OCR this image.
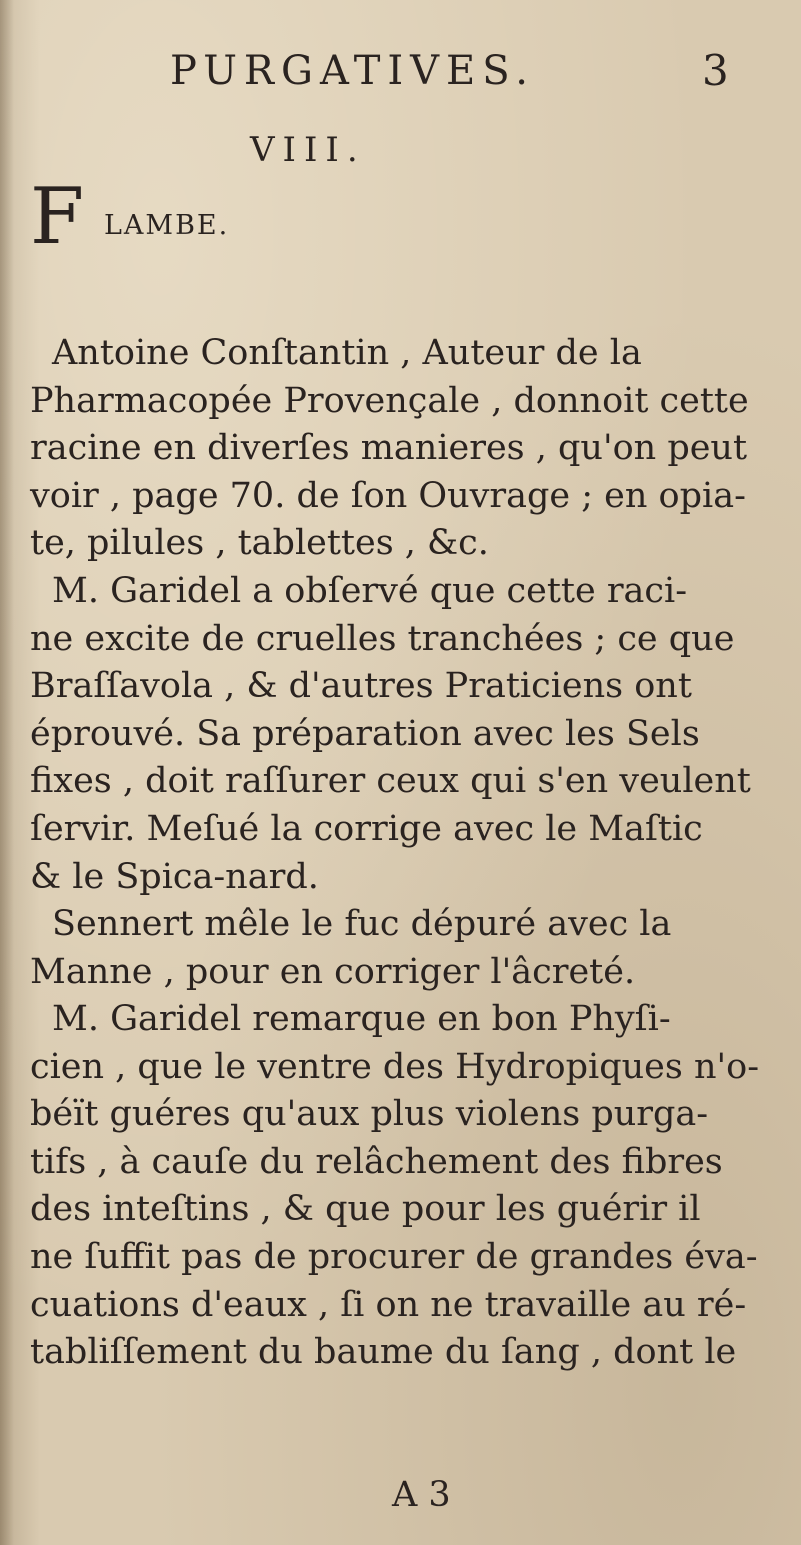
PURGATIVES.	3
VIII.
F LAMBE.
Antoine Conſtantin , Auteur de la
Pharmacopée Provençale , donnoit cette
racine en diverſes manieres , qu'on peut
voir , page 70. de ſon Ouvrage ; en opia-
te, pilules , tablettes , &c.
M. Garidel a obſervé que cette raci-
ne excite de cruelles tranchées ; ce que
Braſſavola , & d'autres Praticiens ont
éprouvé. Sa préparation avec les Sels
fixes , doit raſſurer ceux qui s'en veulent
ſervir. Meſué la corrige avec le Maſtic
& le Spica-nard.
Sennert mêle le fuc dépuré avec la
Manne , pour en corriger l'âcreté.
M. Garidel remarque en bon Phyſi-
cien , que le ventre des Hydropiques n'o-
béït guéres qu'aux plus violens purga-
tifs , à cauſe du relâchement des fibres
des inteſtins , & que pour les guérir il
ne ſuffit pas de procurer de grandes éva-
cuations d'eaux , ſi on ne travaille au ré-
tabliſſement du baume du ſang , dont le
A 3
